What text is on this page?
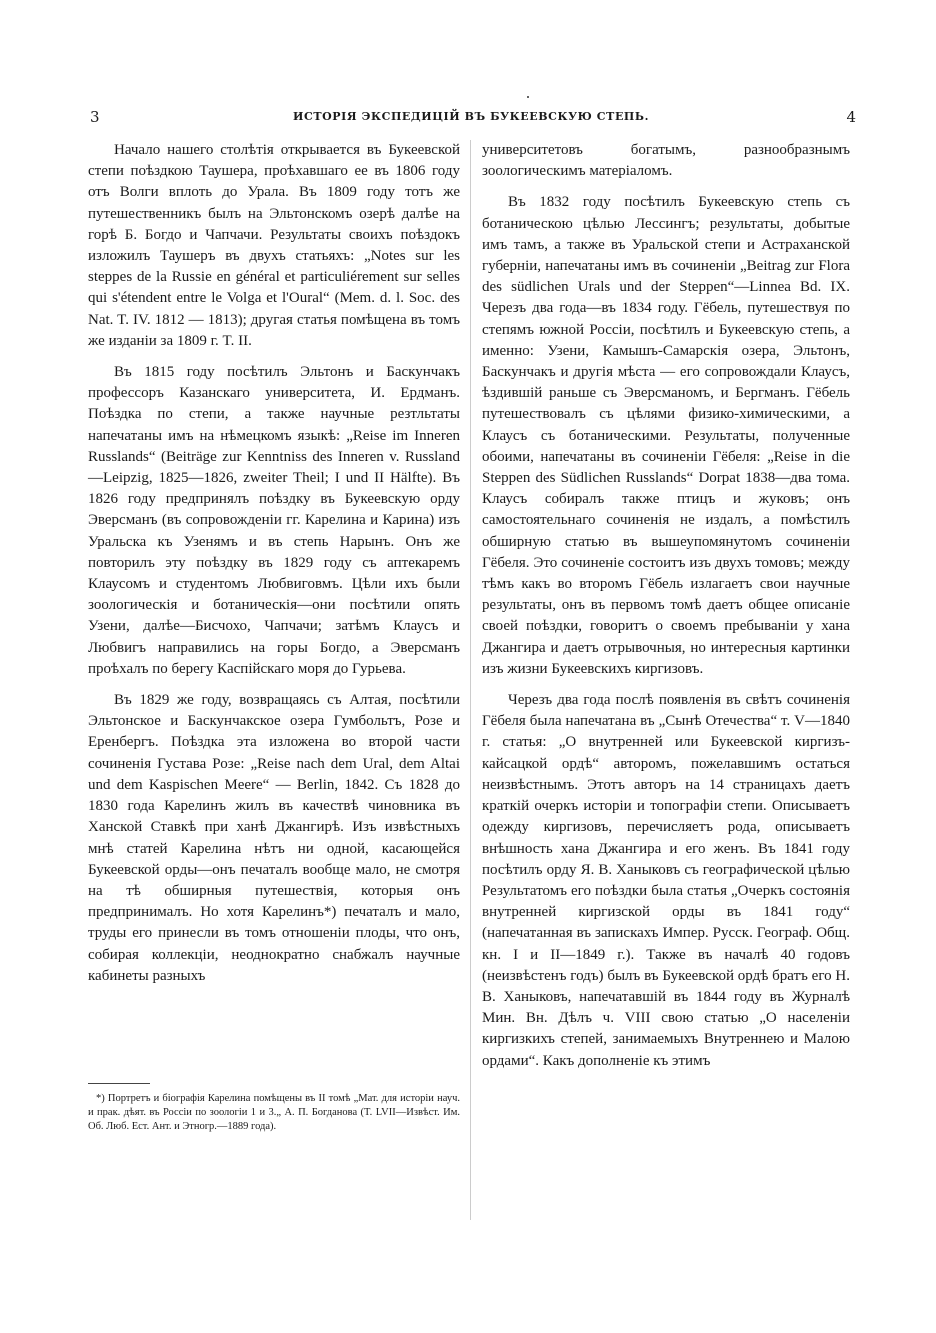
3	ИСТОРІЯ ЭКСПЕДИЦІЙ ВЪ БУКЕЕВСКУЮ СТЕПЬ.	4

Начало нашего столѣтія открывается въ Букеевской степи поѣздкою Таушера, проѣхавшаго ее въ 1806 году отъ Волги вплоть до Урала. Въ 1809 году тотъ же путешественникъ былъ на Эльтонскомъ озерѣ далѣе на горѣ Б. Богдо и Чапчачи. Результаты своихъ поѣздокъ изложилъ Таушеръ въ двухъ статьяхъ: „Notes sur les steppes de la Russie en général et particuliérement sur selles qui s'étendent entre le Volga et l'Oural“ (Mem. d. l. Soc. des Nat. T. IV. 1812 — 1813); другая статья помѣщена въ томъ же изданіи за 1809 г. T. II.

Въ 1815 году посѣтилъ Эльтонъ и Баскунчакъ профессоръ Казанскаго университета, И. Ердманъ. Поѣздка по степи, а также научные резтльтаты напечатаны имъ на нѣмецкомъ языкѣ: „Reise im Inneren Russlands“ (Beiträge zur Kenntniss des Inneren v. Russland—Leipzig, 1825—1826, zweiter Theil; I und II Hälfte). Въ 1826 году предпринялъ поѣздку въ Букеевскую орду Эверсманъ (въ сопровожденіи гг. Карелина и Карина) изъ Уральска къ Узенямъ и въ степь Нарынъ. Онъ же повторилъ эту поѣздку въ 1829 году съ аптекаремъ Клаусомъ и студентомъ Любвиговмъ. Цѣли ихъ были зоологическія и ботаническія—они посѣтили опять Узени, далѣе—Бисчохо, Чапчачи; затѣмъ Клаусъ и Любвигъ направились на горы Богдо, а Эверсманъ проѣхалъ по берегу Каспійскаго моря до Гурьева.

Въ 1829 же году, возвращаясь съ Алтая, посѣтили Эльтонское и Баскунчакское озера Гумбольтъ, Розе и Еренбергъ. Поѣздка эта изложена во второй части сочиненія Густава Розе: „Reise nach dem Ural, dem Altai und dem Kaspischen Meere“ — Berlin, 1842. Съ 1828 до 1830 года Карелинъ жилъ въ качествѣ чиновника въ Ханской Ставкѣ при ханѣ Джангирѣ. Изъ извѣстныхъ мнѣ статей Карелина нѣтъ ни одной, касающейся Букеевской орды—онъ печаталъ вообще мало, не смотря на тѣ обширныя путешествія, которыя онъ предпринималъ. Но хотя Карелинъ*) печаталъ и мало, труды его принесли въ томъ отношеніи плоды, что онъ, собирая коллекціи, неоднократно снабжалъ научные кабинеты разныхъ

университетовъ богатымъ, разнообразнымъ зоологическимъ матеріаломъ.

Въ 1832 году посѣтилъ Букеевскую степь съ ботаническою цѣлью Лессингъ; результаты, добытые имъ тамъ, а также въ Уральской степи и Астраханской губерніи, напечатаны имъ въ сочиненіи „Beitrag zur Flora des südlichen Urals und der Steppen“—Linnea Bd. IX. Черезъ два года—въ 1834 году. Гёбель, путешествуя по степямъ южной Россіи, посѣтилъ и Букеевскую степь, а именно: Узени, Камышъ-Самарскія озера, Эльтонъ, Баскунчакъ и другія мѣста — его сопровождали Клаусъ, ѣздившій раньше съ Эверсманомъ, и Бергманъ. Гёбель путешествовалъ съ цѣлями физико-химическими, а Клаусъ съ ботаническими. Результаты, полученные обоими, напечатаны въ сочиненіи Гёбеля: „Reise in die Steppen des Südlichen Russlands“ Dorpat 1838—два тома. Клаусъ собиралъ также птицъ и жуковъ; онъ самостоятельнаго сочиненія не издалъ, а помѣстилъ обширную статью въ вышеупомянутомъ сочиненіи Гёбеля. Это сочиненіе состоитъ изъ двухъ томовъ; между тѣмъ какъ во второмъ Гёбель излагаетъ свои научные результаты, онъ въ первомъ томѣ даетъ общее описаніе своей поѣздки, говоритъ о своемъ пребываніи у хана Джангира и даетъ отрывочныя, но интересныя картинки изъ жизни Букеевскихъ киргизовъ.

Черезъ два года послѣ появленія въ свѣтъ сочиненія Гёбеля была напечатана въ „Сынѣ Отечества“ т. V—1840 г. статья: „О внутренней или Букеевской киргизъ-кайсацкой ордѣ“ авторомъ, пожелавшимъ остаться неизвѣстнымъ. Этотъ авторъ на 14 страницахъ даетъ краткій очеркъ исторіи и топографіи степи. Описываетъ одежду киргизовъ, перечисляетъ рода, описываетъ внѣшность хана Джангира и его женъ. Въ 1841 году посѣтилъ орду Я. В. Ханыковъ съ географической цѣлью Результатомъ его поѣздки была статья „Очеркъ состоянія внутренней киргизской орды въ 1841 году“ (напечатанная въ запискахъ Импер. Русск. Географ. Общ. кн. I и II—1849 г.). Также въ началѣ 40 годовъ (неизвѣстенъ годъ) былъ въ Букеевской ордѣ братъ его Н. В. Ханыковъ, напечатавшій въ 1844 году въ Журналѣ Мин. Вн. Дѣлъ ч. VIII свою статью „О населеніи киргизкихъ степей, занимаемыхъ Внутреннею и Малою ордами“. Какъ дополненіе къ этимъ

*) Портретъ и біографія Карелина помѣщены въ II томѣ „Мат. для исторіи науч. и прак. дѣят. въ Россіи по зоологіи 1 и 3.„ А. П. Богданова (T. LVII—Извѣст. Им. Об. Люб. Ест. Ант. и Этногр.—1889 года).
